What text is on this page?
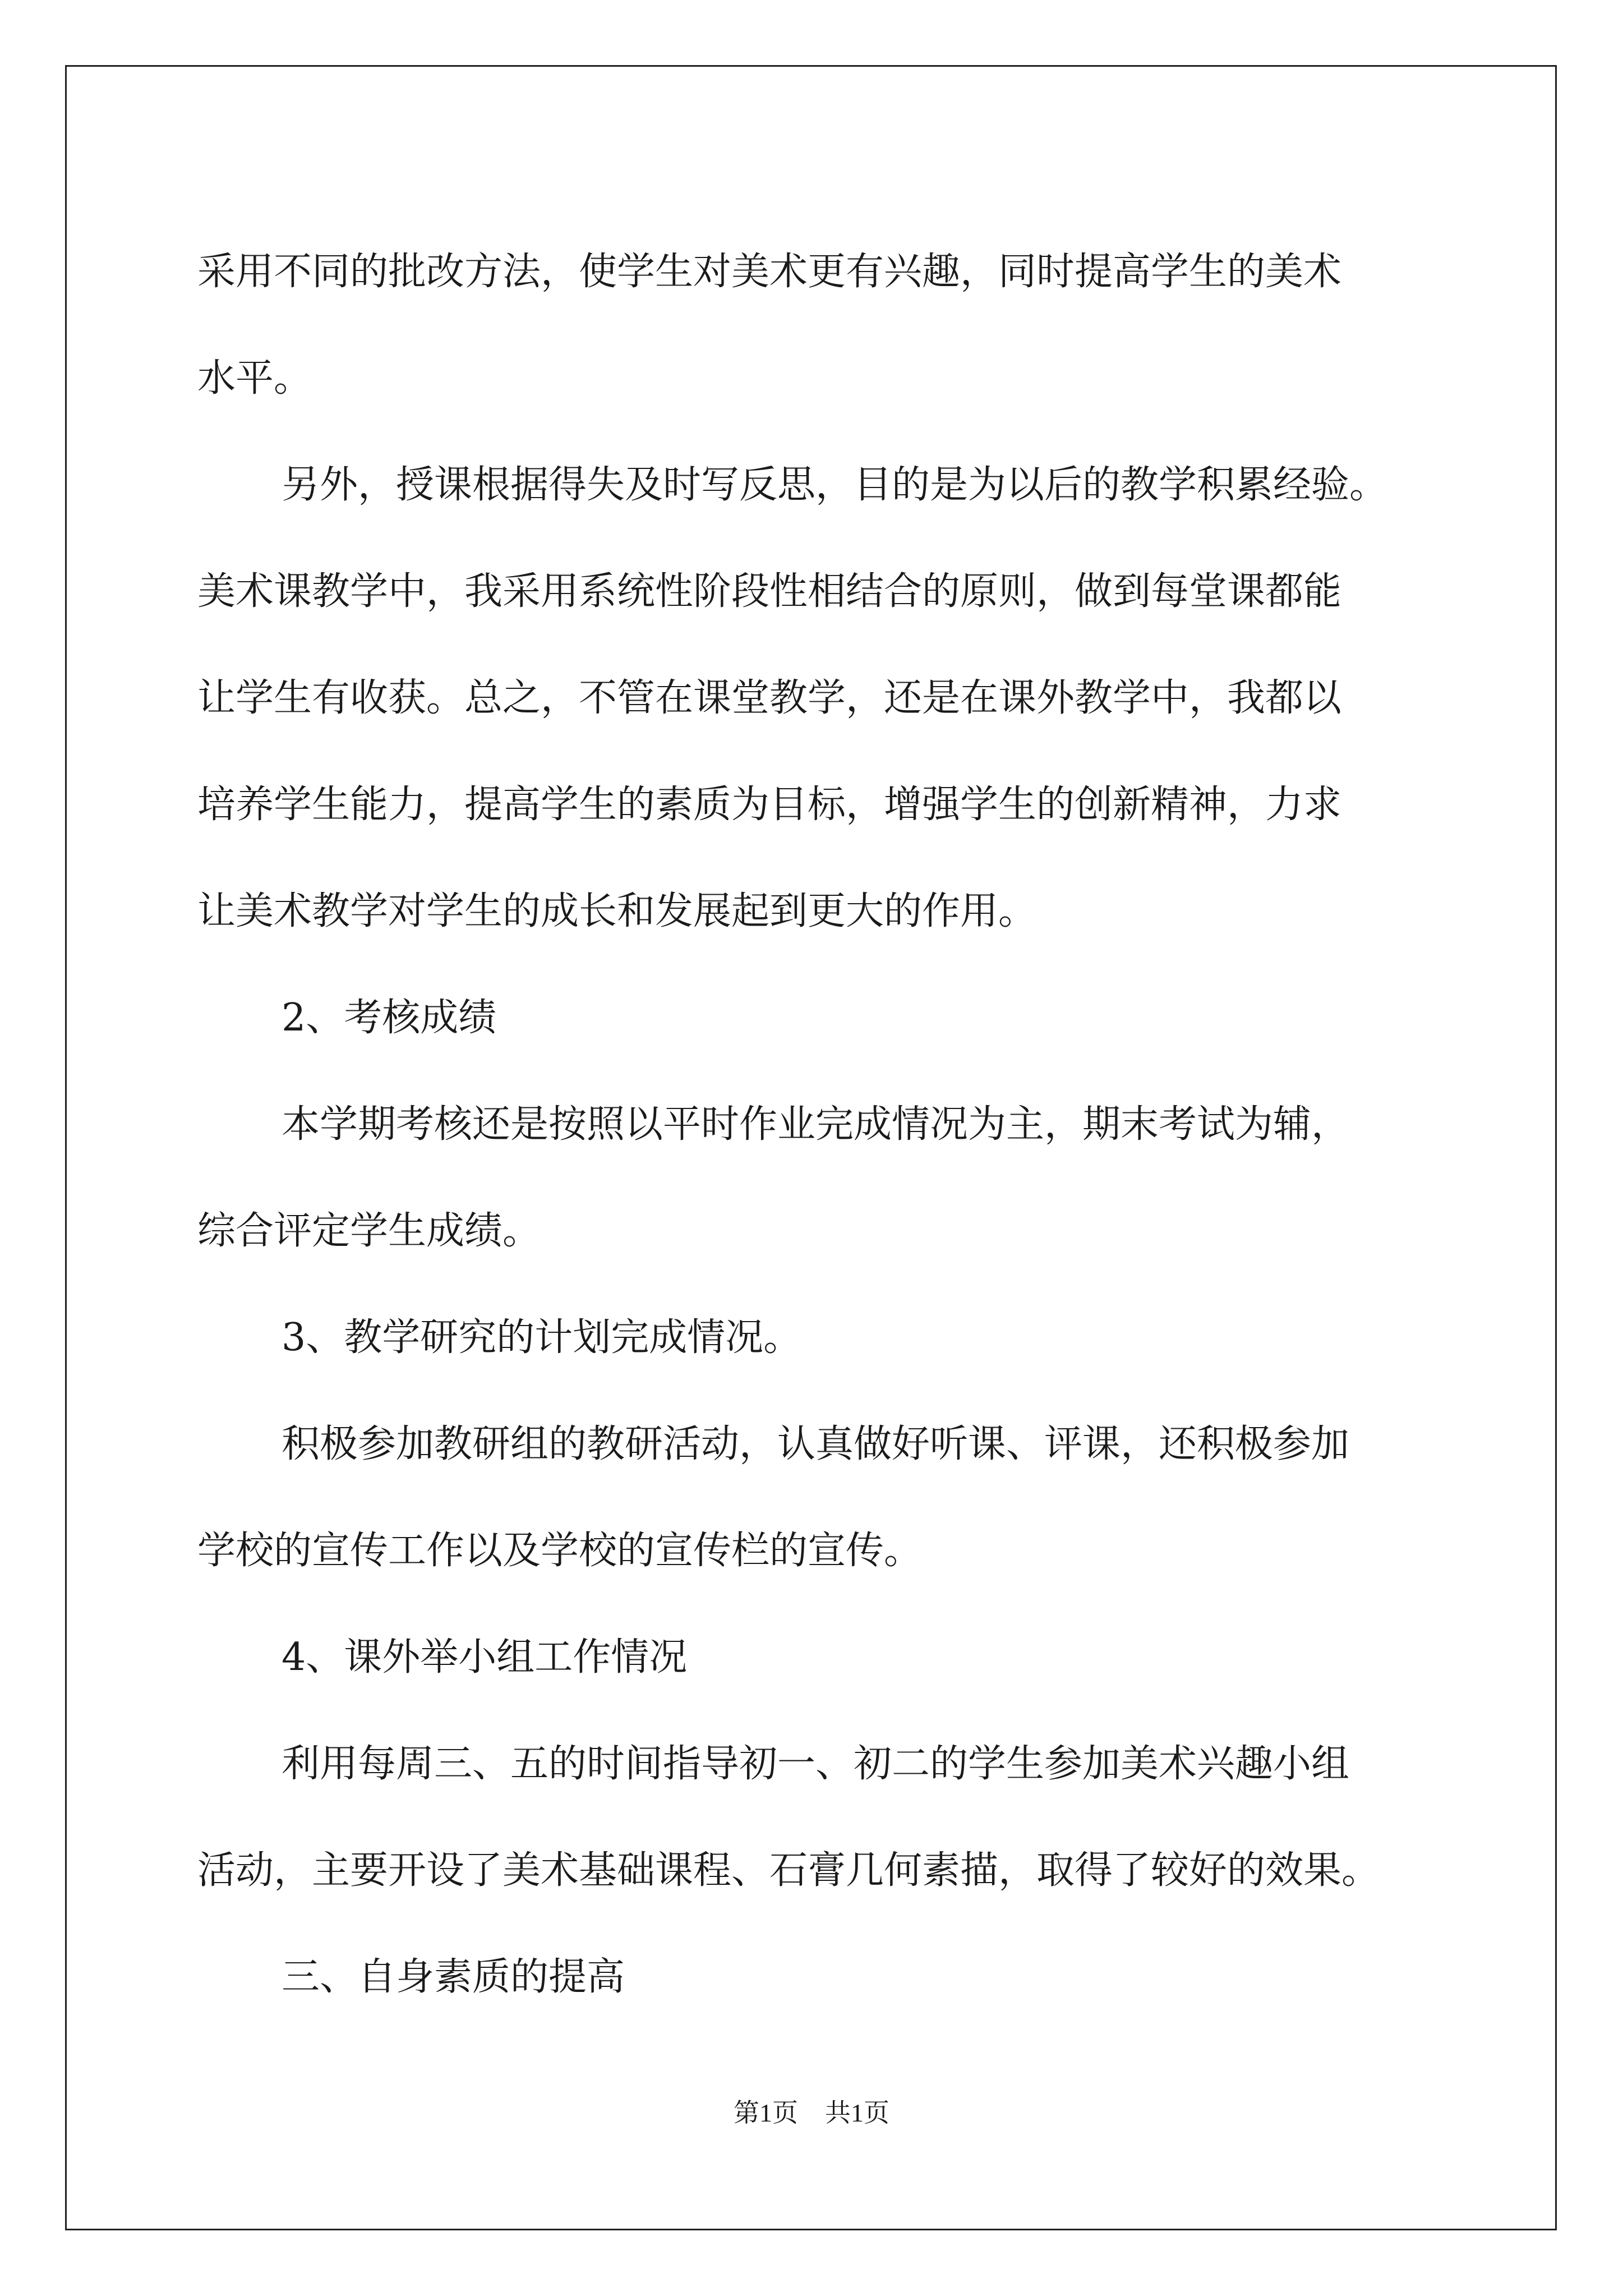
采用不同的批改方法，使学生对美术更有兴趣，同时提高学生的美术
水平。
另外，授课根据得失及时写反思，目的是为以后的教学积累经验。
美术课教学中，我采用系统性阶段性相结合的原则，做到每堂课都能
让学生有收获。总之，不管在课堂教学，还是在课外教学中，我都以
培养学生能力，提高学生的素质为目标，增强学生的创新精神，力求
让美术教学对学生的成长和发展起到更大的作用。
2、考核成绩
本学期考核还是按照以平时作业完成情况为主，期末考试为辅，
综合评定学生成绩。
3、教学研究的计划完成情况。
积极参加教研组的教研活动，认真做好听课、评课，还积极参加
学校的宣传工作以及学校的宣传栏的宣传。
4、课外举小组工作情况
利用每周三、五的时间指导初一、初二的学生参加美术兴趣小组
活动，主要开设了美术基础课程、石膏几何素描，取得了较好的效果。
三、自身素质的提高
第1页 共1页
